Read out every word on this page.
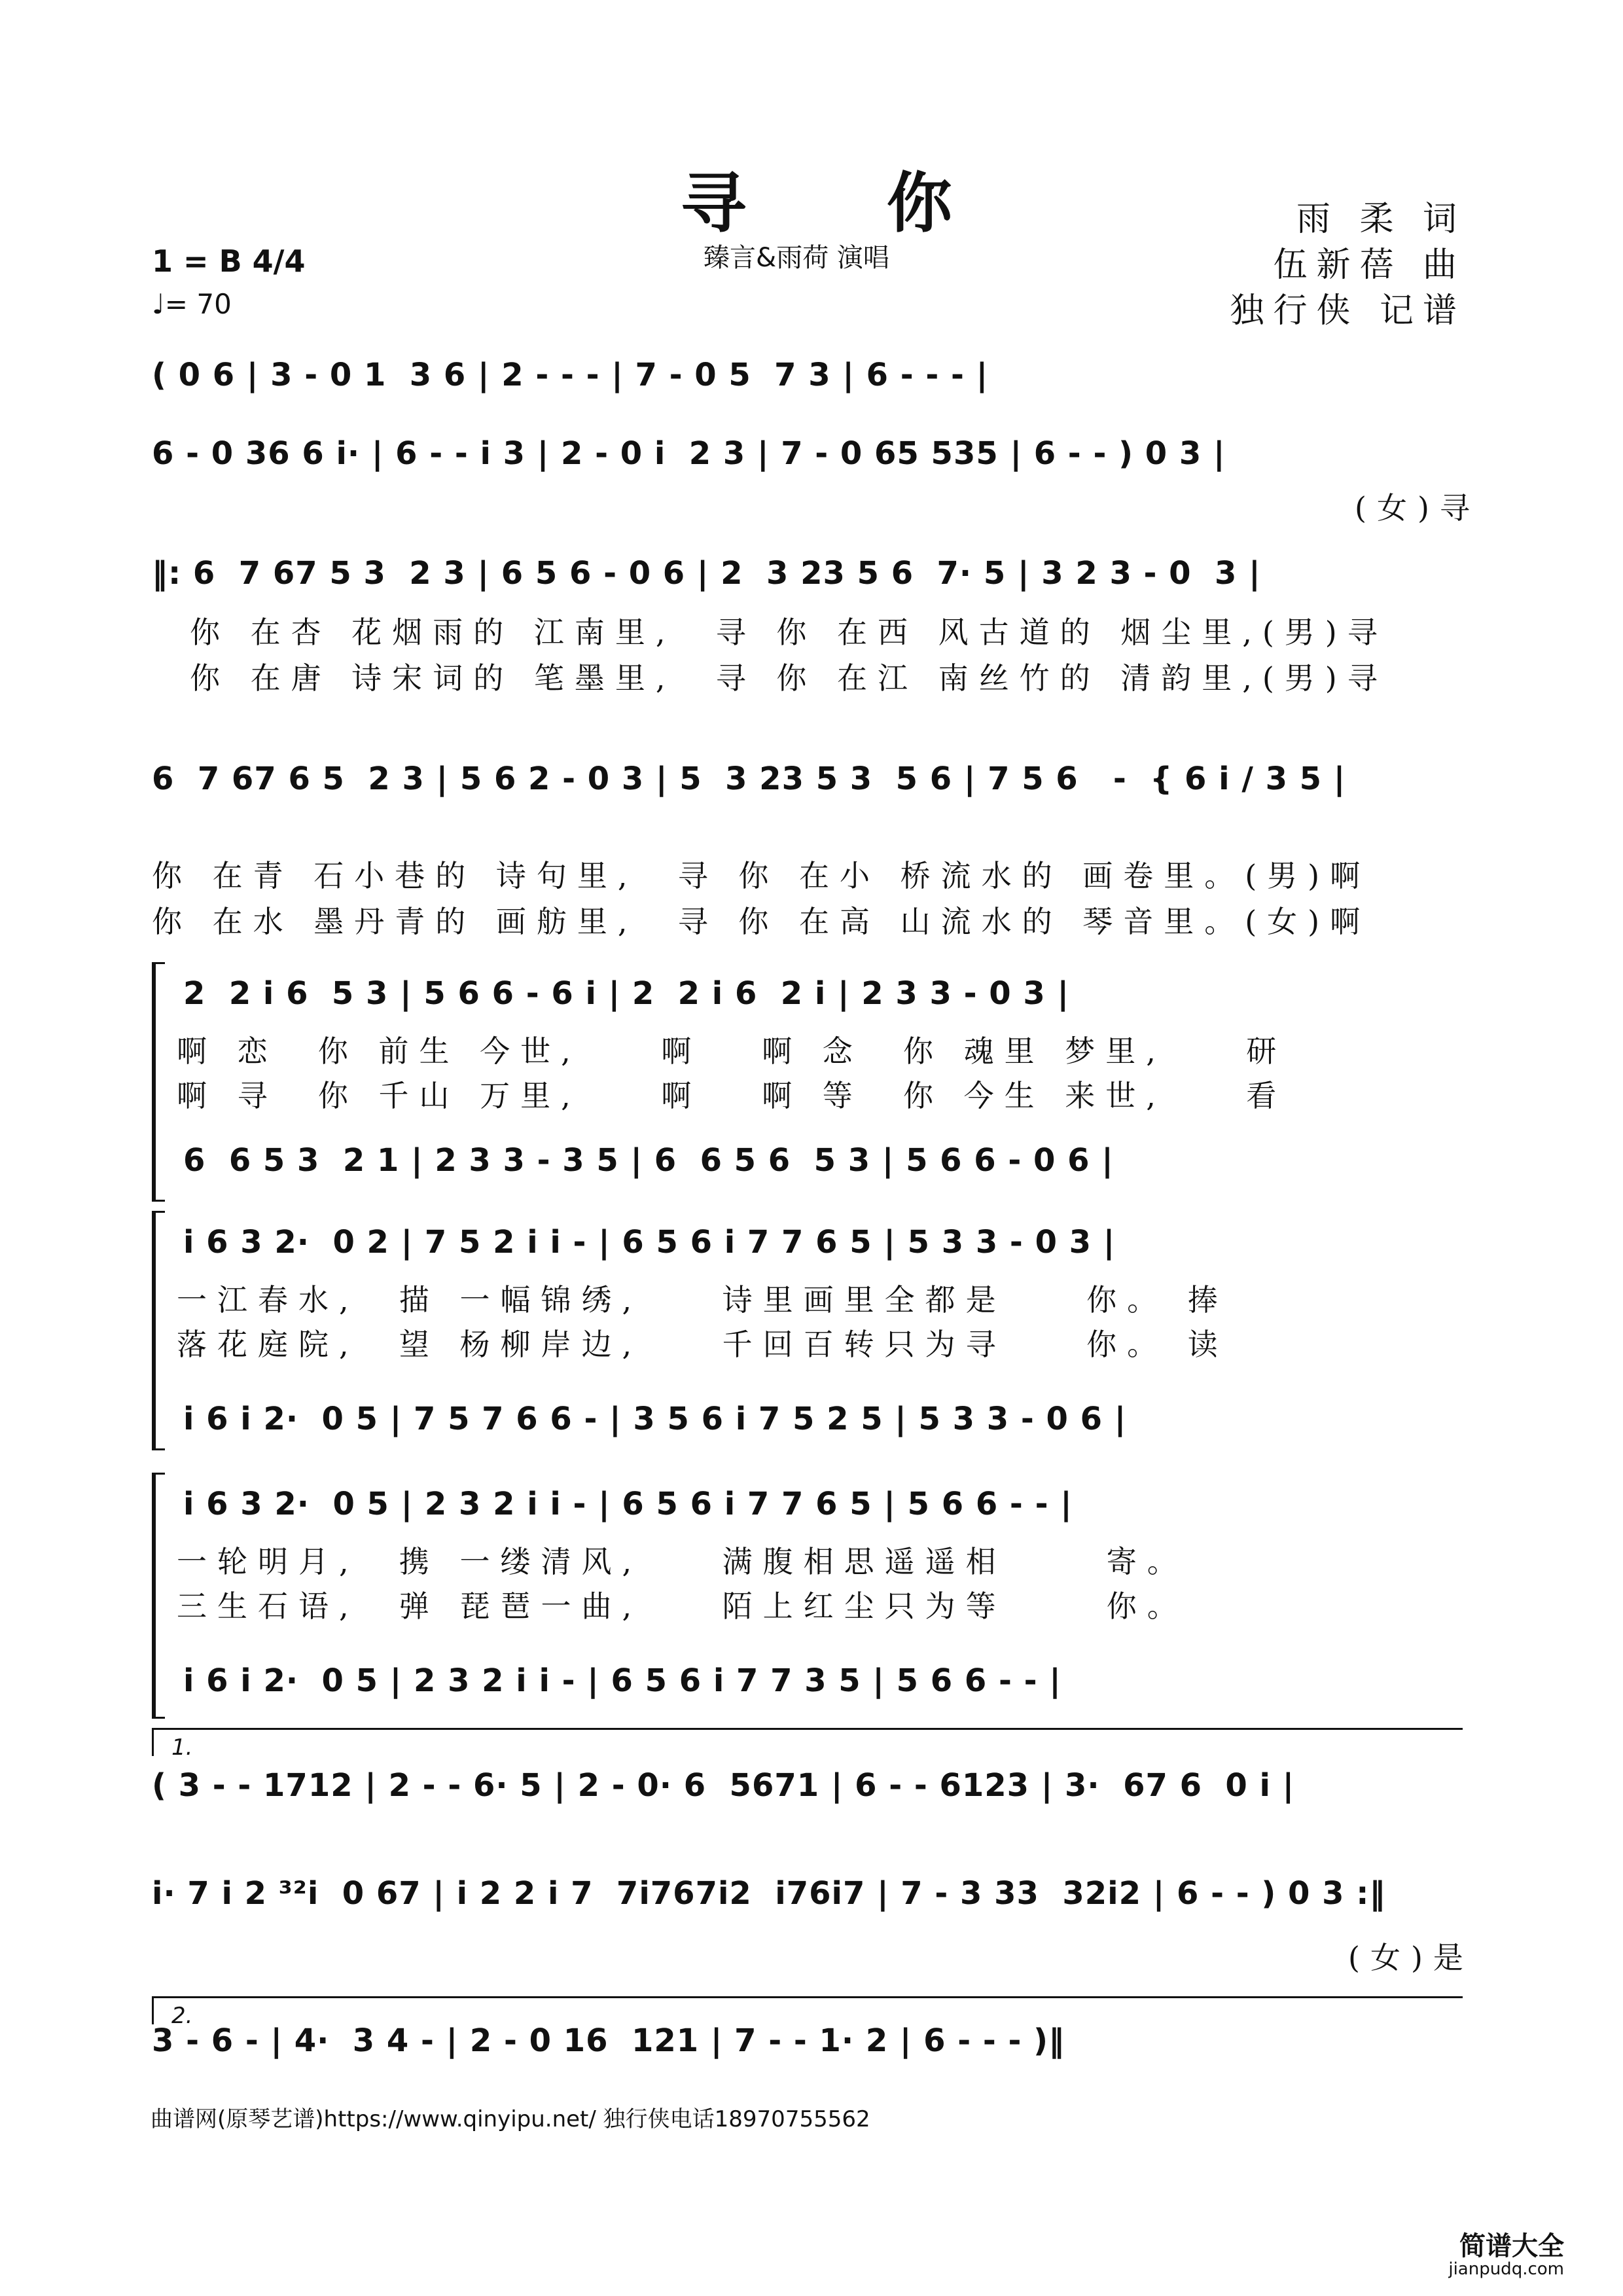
寻 你
臻言&雨荷 演唱
雨 柔 词
伍新蓓 曲
独行侠 记谱
1 = B 4/4
♩= 70
( 0 6 | 3 - 0 1  3 6 | 2 - - - | 7 - 0 5  7 3 | 6 - - - |
6 - 0 36 6 i· | 6 - - i 3 | 2 - 0 i  2 3 | 7 - 0 65 535 | 6 - - ) 0 3 |
(女)寻
‖: 6  7 67 5 3  2 3 | 6 5 6 - 0 6 | 2  3 23 5 6  7· 5 | 3 2 3 - 0  3 |
你 在杏 花烟雨的 江南里,  寻 你 在西 风古道的 烟尘里,(男)寻
你 在唐 诗宋词的 笔墨里,  寻 你 在江 南丝竹的 清韵里,(男)寻
6  7 67 6 5  2 3 | 5 6 2 - 0 3 | 5  3 23 5 3  5 6 | 7 5 6   -  { 6 i / 3 5 |
你 在青 石小巷的 诗句里,  寻 你 在小 桥流水的 画卷里。(男)啊
你 在水 墨丹青的 画舫里,  寻 你 在高 山流水的 琴音里。(女)啊
2  2 i 6  5 3 | 5 6 6 - 6 i | 2  2 i 6  2 i | 2 3 3 - 0 3 |
啊 恋  你 前生 今世,    啊   啊 念  你 魂里 梦里,    研
啊 寻  你 千山 万里,    啊   啊 等  你 今生 来世,    看
6  6 5 3  2 1 | 2 3 3 - 3 5 | 6  6 5 6  5 3 | 5 6 6 - 0 6 |
i 6 3 2·  0 2 | 7 5 2 i i - | 6 5 6 i 7 7 6 5 | 5 3 3 - 0 3 |
一江春水,  描 一幅锦绣,    诗里画里全都是    你。 捧
落花庭院,  望 杨柳岸边,    千回百转只为寻    你。 读
i 6 i 2·  0 5 | 7 5 7 6 6 - | 3 5 6 i 7 5 2 5 | 5 3 3 - 0 6 |
i 6 3 2·  0 5 | 2 3 2 i i - | 6 5 6 i 7 7 6 5 | 5 6 6 - - |
一轮明月,  携 一缕清风,    满腹相思遥遥相     寄。
三生石语,  弹 琵琶一曲,    陌上红尘只为等     你。
i 6 i 2·  0 5 | 2 3 2 i i - | 6 5 6 i 7 7 3 5 | 5 6 6 - - |
1.
( 3 - - 1712 | 2 - - 6· 5 | 2 - 0· 6  5671 | 6 - - 6123 | 3·  67 6  0 i |
i· 7 i 2 ³²i  0 67 | i 2 2 i 7  7i767i2  i76i7 | 7 - 3 33  32i2 | 6 - - ) 0 3 :‖
(女)是
2.
3 - 6 - | 4·  3 4 - | 2 - 0 16  121 | 7 - - 1· 2 | 6 - - - )‖
曲谱网(原琴艺谱)https://www.qinyipu.net/ 独行侠电话18970755562
简谱大全
jianpudq.com
